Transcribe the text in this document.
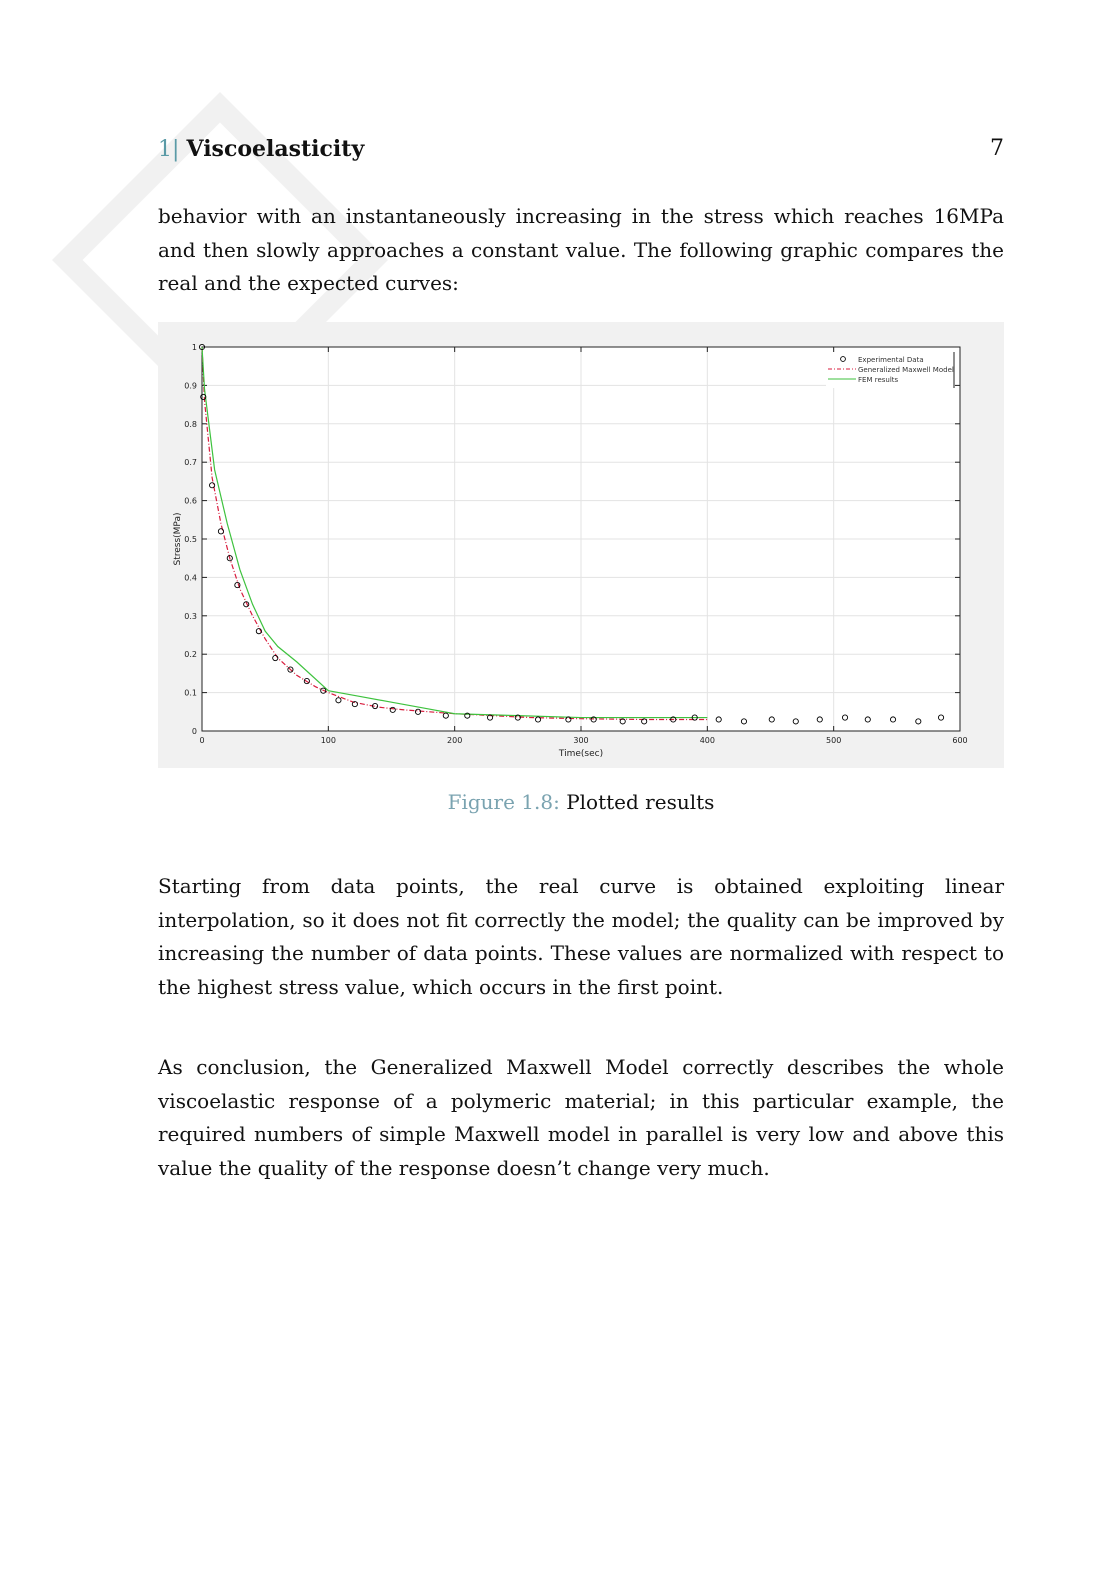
1| Viscoelasticity	7

behavior with an instantaneously increasing in the stress which reaches 16MPa and then slowly approaches a constant value. The following graphic compares the real and the expected curves:

0	100	200	300	400	500	600
0
0.1
0.2
0.3
0.4
0.5
0.6
0.7
0.8
0.9
1
Time(sec)
Stress(MPa)
Experimental Data
Generalized Maxwell Model
FEM results
Figure 1.8: Plotted results

Starting from data points, the real curve is obtained exploiting linear interpolation, so it does not fit correctly the model; the quality can be improved by increasing the number of data points. These values are normalized with respect to the highest stress value, which occurs in the first point.

As conclusion, the Generalized Maxwell Model correctly describes the whole viscoelastic response of a polymeric material; in this particular example, the required numbers of simple Maxwell model in parallel is very low and above this value the quality of the response doesn’t change very much.
